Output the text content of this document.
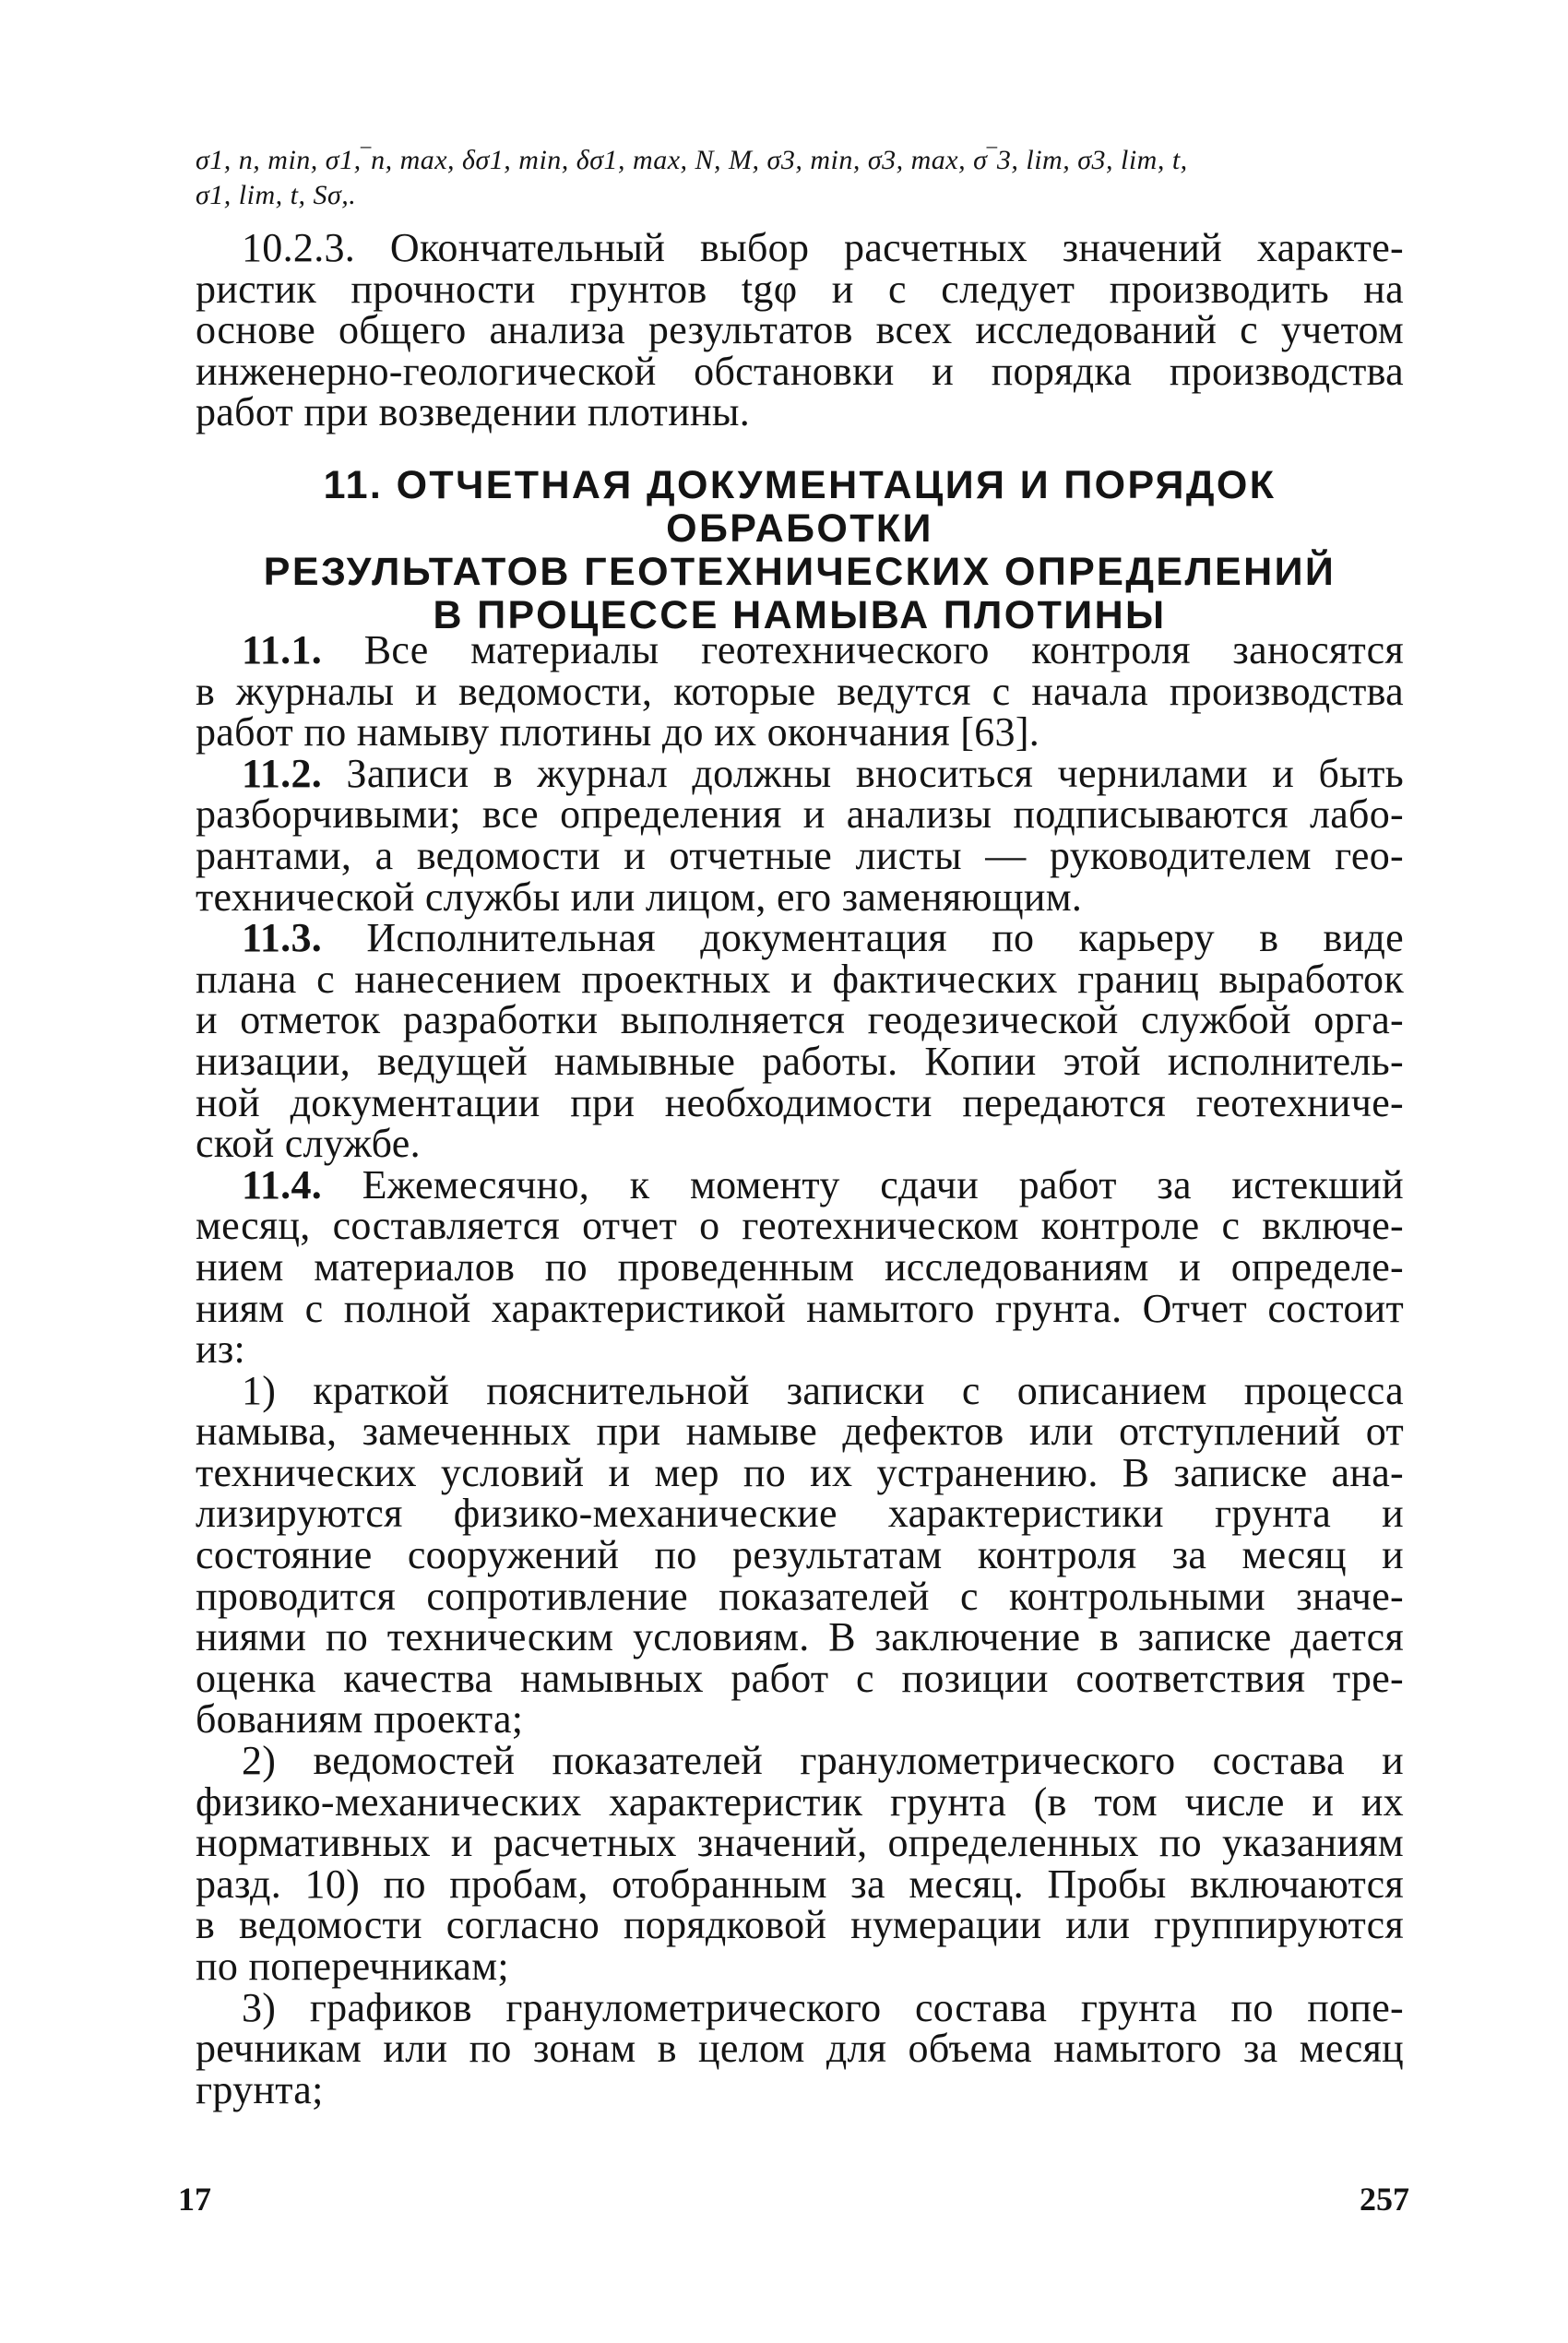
σ1, n, min, σ1,‾n, max, δσ1, min, δσ1, max, N, M, σ3, min, σ3, max, σ‾3, lim, σ3, lim, t,
σ1, lim, t, Sσ,.

10.2.3. Окончательный выбор расчетных значений характе-

ристик прочности грунтов tgφ и c следует производить на

основе общего анализа результатов всех исследований с учетом

инженерно-геологической обстановки и порядка производства

работ при возведении плотины.

11. ОТЧЕТНАЯ ДОКУМЕНТАЦИЯ И ПОРЯДОК ОБРАБОТКИ
РЕЗУЛЬТАТОВ ГЕОТЕХНИЧЕСКИХ ОПРЕДЕЛЕНИЙ
В ПРОЦЕССЕ НАМЫВА ПЛОТИНЫ

11.1. Все материалы геотехнического контроля заносятся

в журналы и ведомости, которые ведутся с начала производства

работ по намыву плотины до их окончания [63].

11.2. Записи в журнал должны вноситься чернилами и быть

разборчивыми; все определения и анализы подписываются лабо-

рантами, а ведомости и отчетные листы — руководителем гео-

технической службы или лицом, его заменяющим.

11.3. Исполнительная документация по карьеру в виде

плана с нанесением проектных и фактических границ выработок

и отметок разработки выполняется геодезической службой орга-

низации, ведущей намывные работы. Копии этой исполнитель-

ной документации при необходимости передаются геотехниче-

ской службе.

11.4. Ежемесячно, к моменту сдачи работ за истекший

месяц, составляется отчет о геотехническом контроле с включе-

нием материалов по проведенным исследованиям и определе-

ниям с полной характеристикой намытого грунта. Отчет состоит

из:

1) краткой пояснительной записки с описанием процесса

намыва, замеченных при намыве дефектов или отступлений от

технических условий и мер по их устранению. В записке ана-

лизируются физико-механические характеристики грунта и

состояние сооружений по результатам контроля за месяц и

проводится сопротивление показателей с контрольными значе-

ниями по техническим условиям. В заключение в записке дается

оценка качества намывных работ с позиции соответствия тре-

бованиям проекта;

2) ведомостей показателей гранулометрического состава и

физико-механических характеристик грунта (в том числе и их

нормативных и расчетных значений, определенных по указаниям

разд. 10) по пробам, отобранным за месяц. Пробы включаются

в ведомости согласно порядковой нумерации или группируются

по поперечникам;

3) графиков гранулометрического состава грунта по попе-

речникам или по зонам в целом для объема намытого за месяц

грунта;

17	257
